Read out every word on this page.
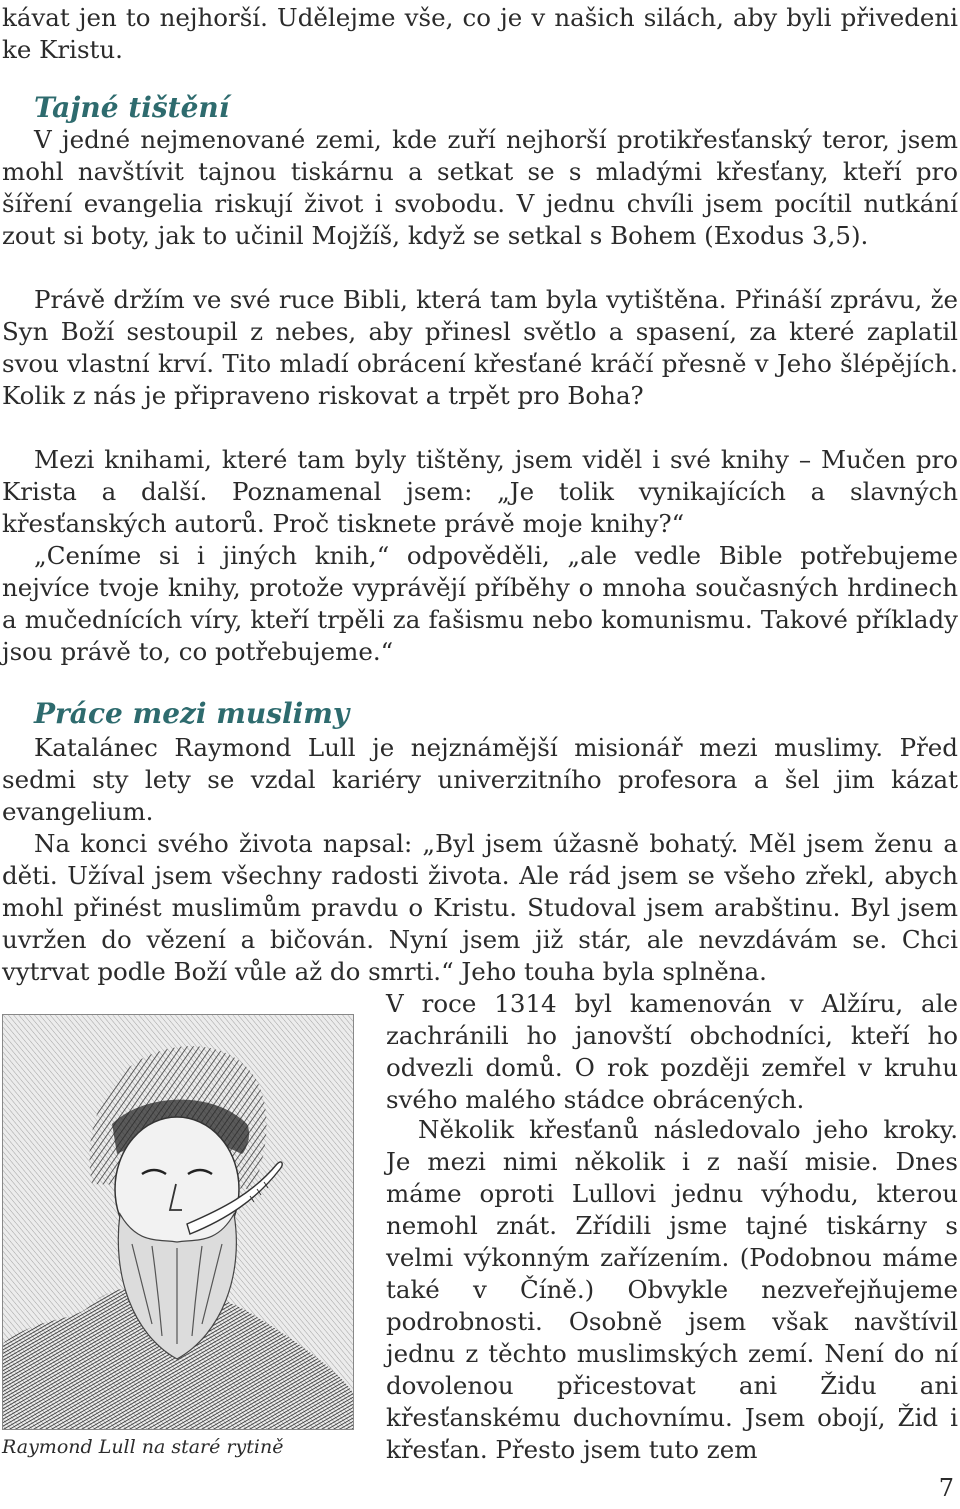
kávat jen to nejhorší. Udělejme vše, co je v našich silách, aby byli přivedeni ke Kristu.

Tajné tištění

V jedné nejmenované zemi, kde zuří nejhorší protikřesťanský teror, jsem mohl navštívit tajnou tiskárnu a setkat se s mladými křesťany, kteří pro šíření evangelia riskují život i svobodu. V jednu chvíli jsem pocítil nutkání zout si boty, jak to učinil Mojžíš, když se setkal s Bohem (Exodus 3,5).

Právě držím ve své ruce Bibli, která tam byla vytištěna. Přináší zprávu, že Syn Boží sestoupil z nebes, aby přinesl světlo a spasení, za které zaplatil svou vlastní krví. Tito mladí obrácení křesťané kráčí přesně v Jeho šlépějích. Kolik z nás je připraveno riskovat a trpět pro Boha?

Mezi knihami, které tam byly tištěny, jsem viděl i své knihy – Mučen pro Krista a další. Poznamenal jsem: „Je tolik vynikajících a slavných křesťanských autorů. Proč tisknete právě moje knihy?“

„Ceníme si i jiných knih,“ odpověděli, „ale vedle Bible potřebujeme nejvíce tvoje knihy, protože vyprávějí příběhy o mnoha současných hrdinech a mučednících víry, kteří trpěli za fašismu nebo komunismu. Takové příklady jsou právě to, co potřebujeme.“

Práce mezi muslimy

Katalánec Raymond Lull je nejznámější misionář mezi muslimy. Před sedmi sty lety se vzdal kariéry univerzitního profesora a šel jim kázat evangelium.

Na konci svého života napsal: „Byl jsem úžasně bohatý. Měl jsem ženu a děti. Užíval jsem všechny radosti života. Ale rád jsem se všeho zřekl, abych mohl přinést muslimům pravdu o Kristu. Studoval jsem arabštinu. Byl jsem uvržen do vězení a bičován. Nyní jsem již stár, ale nevzdávám se. Chci vytrvat podle Boží vůle až do smrti.“ Jeho touha byla splněna.

V roce 1314 byl kamenován v Alžíru, ale zachránili ho janovští obchodníci, kteří ho odvezli domů. O rok později zemřel v kruhu svého malého stádce obrácených.

Několik křesťanů následovalo jeho kroky. Je mezi nimi několik i z naší misie. Dnes máme oproti Lullovi jednu výhodu, kterou nemohl znát. Zřídili jsme tajné tiskárny s velmi výkonným zařízením. (Podobnou máme také v Číně.) Obvykle nezveřejňujeme podrobnosti. Osobně jsem však navštívil jednu z těchto muslimských zemí. Není do ní dovolenou přicestovat ani Židu ani křesťanskému duchovnímu. Jsem obojí, Žid i křesťan. Přesto jsem tuto zem

Raymond Lull na staré rytině
7
